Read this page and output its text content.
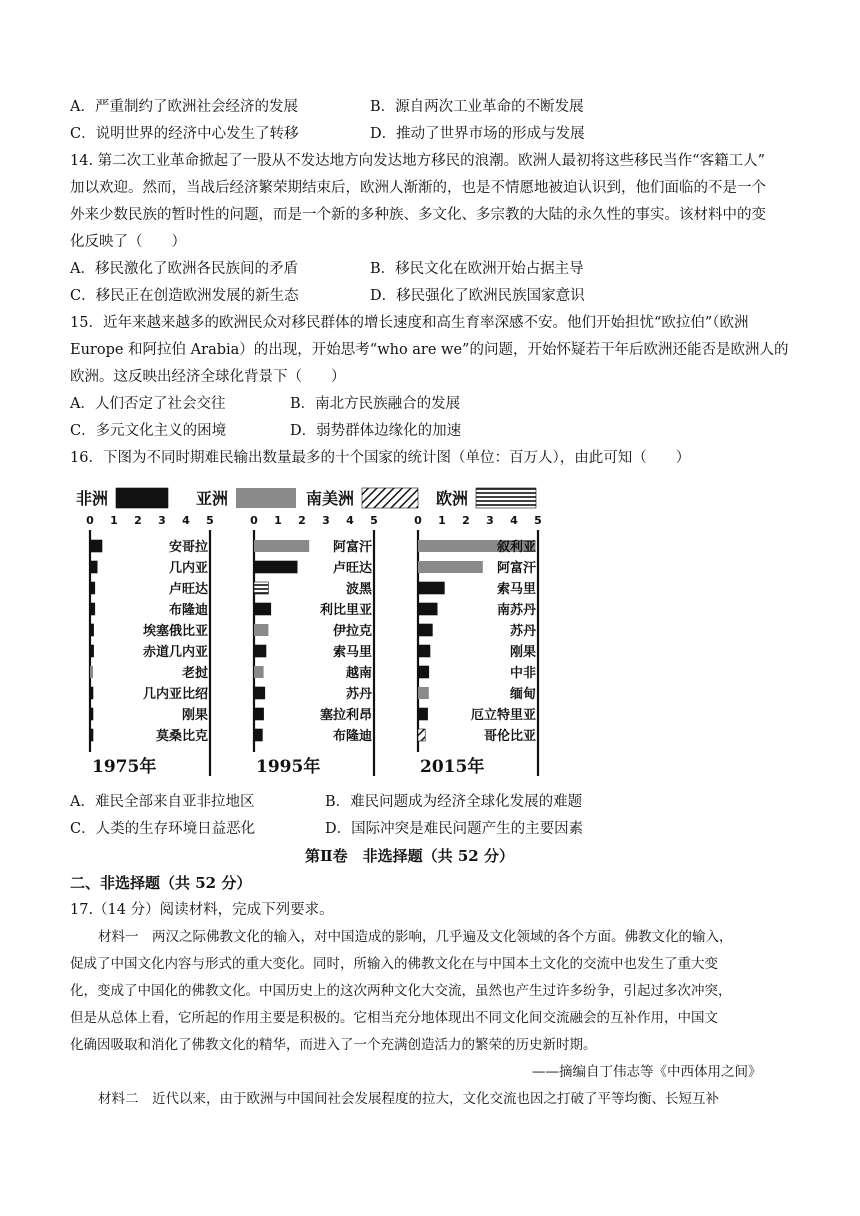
A．严重制约了欧洲社会经济的发展	B．源自两次工业革命的不断发展
C．说明世界的经济中心发生了转移	D．推动了世界市场的形成与发展
14. 第二次工业革命掀起了一股从不发达地方向发达地方移民的浪潮。欧洲人最初将这些移民当作“客籍工人”
加以欢迎。然而，当战后经济繁荣期结束后，欧洲人渐渐的，也是不情愿地被迫认识到，他们面临的不是一个
外来少数民族的暂时性的问题，而是一个新的多种族、多文化、多宗教的大陆的永久性的事实。该材料中的变
化反映了（　　）
A．移民激化了欧洲各民族间的矛盾	B．移民文化在欧洲开始占据主导
C．移民正在创造欧洲发展的新生态	D．移民强化了欧洲民族国家意识
15．近年来越来越多的欧洲民众对移民群体的增长速度和高生育率深感不安。他们开始担忧“欧拉伯”（欧洲
Europe 和阿拉伯 Arabia）的出现，开始思考“who are we”的问题，开始怀疑若干年后欧洲还能否是欧洲人的
欧洲。这反映出经济全球化背景下（　　）
A．人们否定了社会交往	B．南北方民族融合的发展
C．多元文化主义的困境	D．弱势群体边缘化的加速
16．下图为不同时期难民输出数量最多的十个国家的统计图（单位：百万人），由此可知（　　）
非洲	亚洲	南美洲	欧洲
0 1 2 3 4 5
安哥拉
几内亚
卢旺达
布隆迪
埃塞俄比亚
赤道几内亚
老挝
几内亚比绍
刚果
莫桑比克
1975年
0 1 2 3 4 5
阿富汗
卢旺达
波黑
利比里亚
伊拉克
索马里
越南
苏丹
塞拉利昂
布隆迪
1995年
0 1 2 3 4 5
叙利亚
阿富汗
索马里
南苏丹
苏丹
刚果
中非
缅甸
厄立特里亚
哥伦比亚
2015年
A．难民全部来自亚非拉地区	B．难民问题成为经济全球化发展的难题
C．人类的生存环境日益恶化	D．国际冲突是难民问题产生的主要因素
第Ⅱ卷　非选择题（共 52 分）
二、非选择题（共 52 分）
17.（14 分）阅读材料，完成下列要求。
材料一　两汉之际佛教文化的输入，对中国造成的影响，几乎遍及文化领域的各个方面。佛教文化的输入，
促成了中国文化内容与形式的重大变化。同时，所输入的佛教文化在与中国本土文化的交流中也发生了重大变
化，变成了中国化的佛教文化。中国历史上的这次两种文化大交流，虽然也产生过许多纷争，引起过多次冲突，
但是从总体上看，它所起的作用主要是积极的。它相当充分地体现出不同文化间交流融会的互补作用，中国文
化确因吸取和消化了佛教文化的精华，而进入了一个充满创造活力的繁荣的历史新时期。
——摘编自丁伟志等《中西体用之间》
材料二　近代以来，由于欧洲与中国间社会发展程度的拉大，文化交流也因之打破了平等均衡、长短互补
